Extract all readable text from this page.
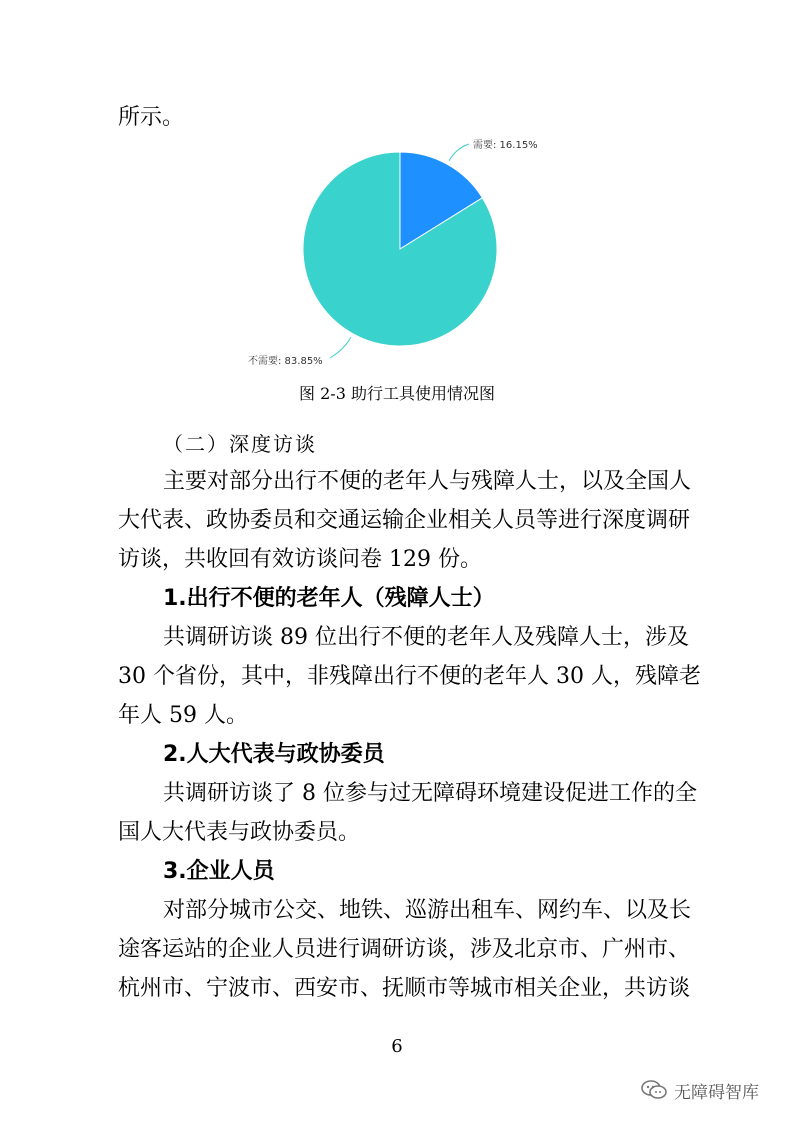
所示。
需要: 16.15%
不需要: 83.85%
图 2-3 助行工具使用情况图
（二）深度访谈
主要对部分出行不便的老年人与残障人士，以及全国人
大代表、政协委员和交通运输企业相关人员等进行深度调研
访谈，共收回有效访谈问卷 129 份。
1.出行不便的老年人（残障人士）
共调研访谈 89 位出行不便的老年人及残障人士，涉及
30 个省份，其中，非残障出行不便的老年人 30 人，残障老
年人 59 人。
2.人大代表与政协委员
共调研访谈了 8 位参与过无障碍环境建设促进工作的全
国人大代表与政协委员。
3.企业人员
对部分城市公交、地铁、巡游出租车、网约车、以及长
途客运站的企业人员进行调研访谈，涉及北京市、广州市、
杭州市、宁波市、西安市、抚顺市等城市相关企业，共访谈
6
无障碍智库
